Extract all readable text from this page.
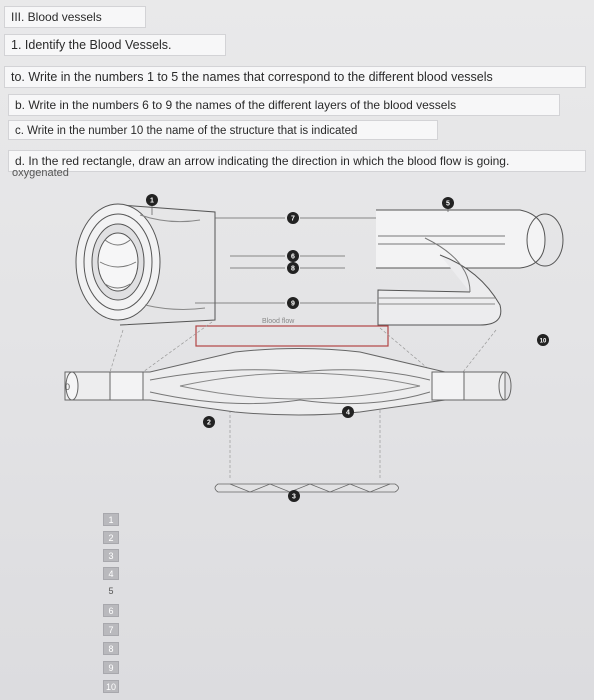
III. Blood vessels
1. Identify the Blood Vessels.
to. Write in the numbers 1 to 5 the names that correspond to the different blood vessels
b. Write in the numbers 6 to 9 the names of the different layers of the blood vessels
c. Write in the number 10 the name of the structure that is indicated
d. In the red rectangle, draw an arrow indicating the direction in which the blood flow is going.
oxygenated
Blood flow
0
1
2
3
4
5
6
7
8
9
10
1
2
3
4
5
6
7
8
9
10
